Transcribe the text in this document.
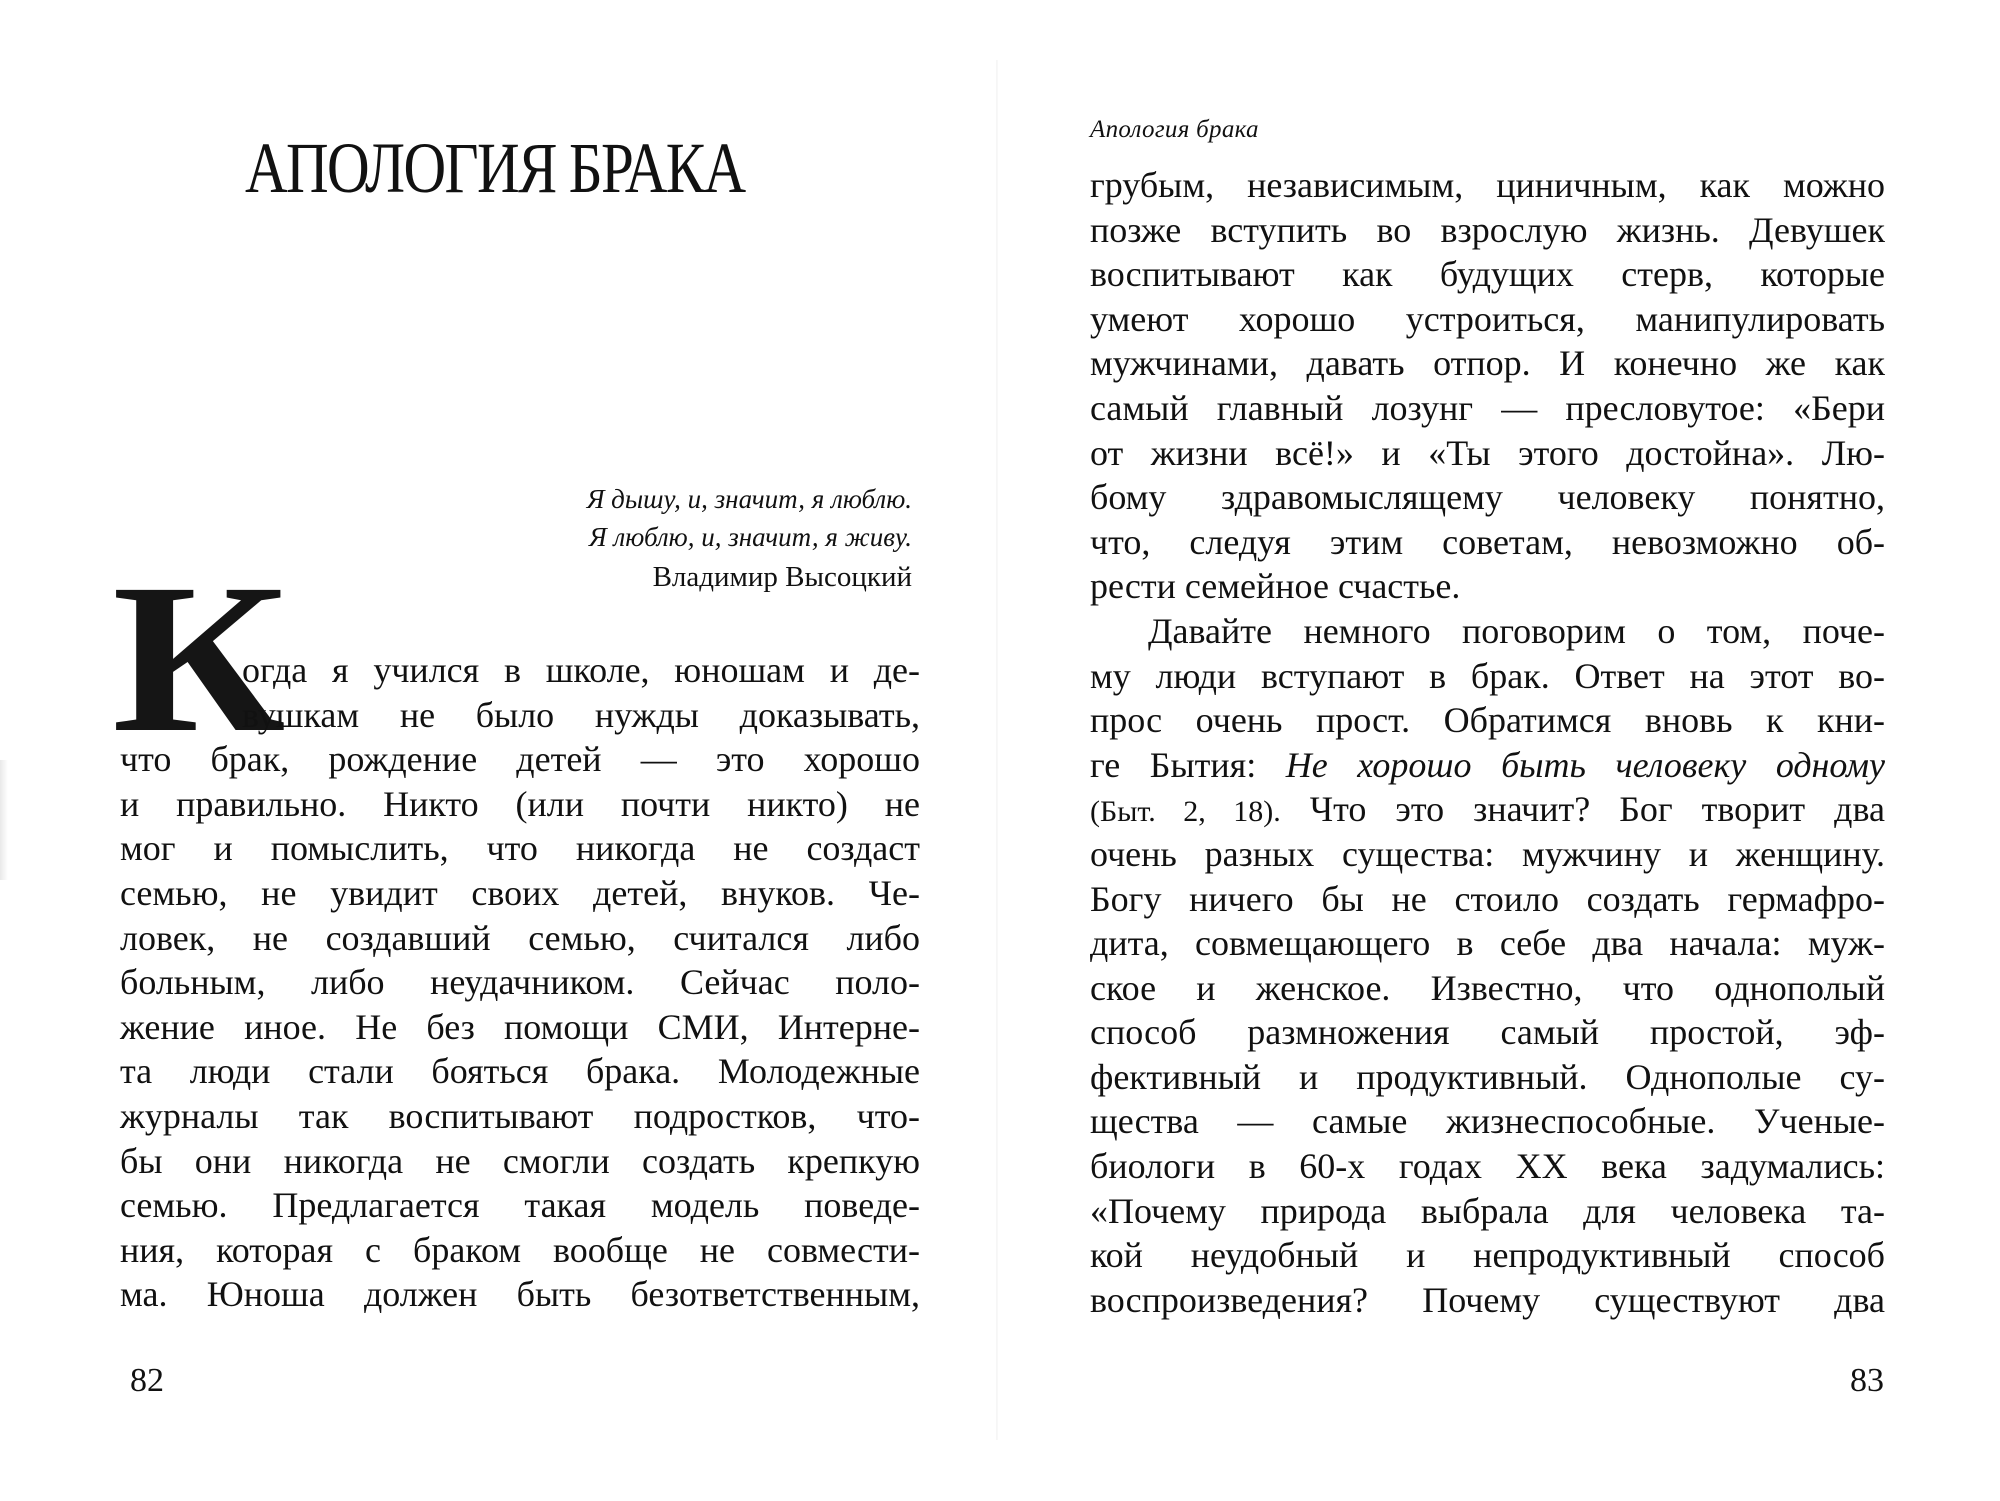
АПОЛОГИЯ БРАКА
Я дышу, и, значит, я люблю.
Я люблю, и, значит, я живу.
Владимир Высоцкий
К
огда я учился в школе, юношам и де-
вушкам не было нужды доказывать,
что брак, рождение детей — это хорошо
и правильно. Никто (или почти никто) не
мог и помыслить, что никогда не создаст
семью, не увидит своих детей, внуков. Че-
ловек, не создавший семью, считался либо
больным, либо неудачником. Сейчас поло-
жение иное. Не без помощи СМИ, Интерне-
та люди стали бояться брака. Молодежные
журналы так воспитывают подростков, что-
бы они никогда не смогли создать крепкую
семью. Предлагается такая модель поведе-
ния, которая с браком вообще не совмести-
ма. Юноша должен быть безответственным,
82
Апология брака
грубым, независимым, циничным, как можно
позже вступить во взрослую жизнь. Девушек
воспитывают как будущих стерв, которые
умеют хорошо устроиться, манипулировать
мужчинами, давать отпор. И конечно же как
самый главный лозунг — пресловутое: «Бери
от жизни всё!» и «Ты этого достойна». Лю-
бому здравомыслящему человеку понятно,
что, следуя этим советам, невозможно об-
рести семейное счастье.
Давайте немного поговорим о том, поче-
му люди вступают в брак. Ответ на этот во-
прос очень прост. Обратимся вновь к кни-
ге Бытия: Не хорошо быть человеку одному
(Быт. 2, 18). Что это значит? Бог творит два
очень разных существа: мужчину и женщину.
Богу ничего бы не стоило создать гермафро-
дита, совмещающего в себе два начала: муж-
ское и женское. Известно, что однополый
способ размножения самый простой, эф-
фективный и продуктивный. Однополые су-
щества — самые жизнеспособные. Ученые-
биологи в 60-х годах XX века задумались:
«Почему природа выбрала для человека та-
кой неудобный и непродуктивный способ
воспроизведения? Почему существуют два
83
